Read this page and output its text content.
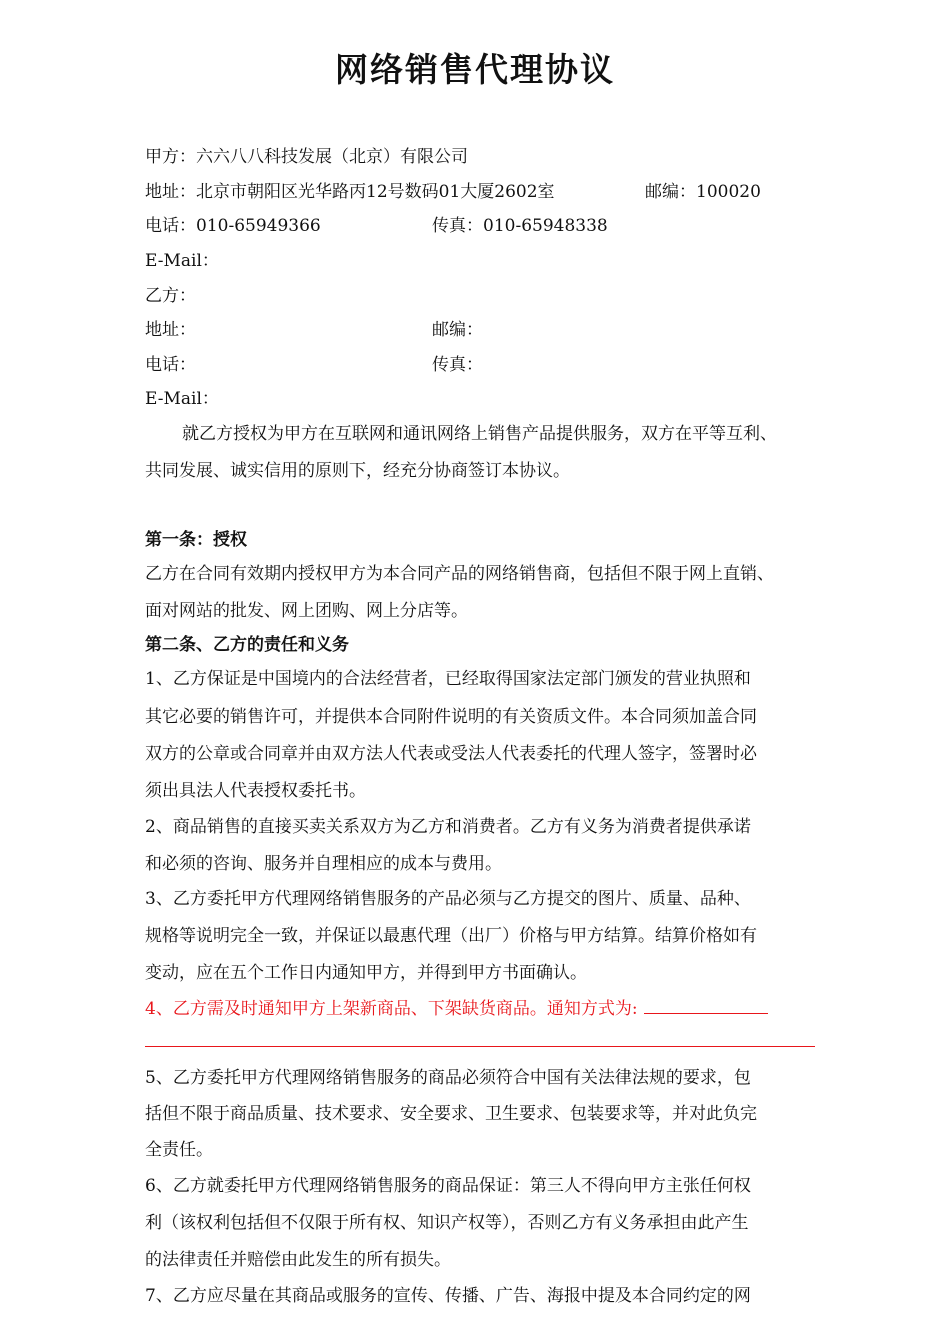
网络销售代理协议
甲方：六六八八科技发展（北京）有限公司
地址：北京市朝阳区光华路丙12号数码01大厦2602室	邮编：100020
电话：010-65949366	传真：010-65948338
E-Mail：
乙方：
地址：	邮编：
电话：	传真：
E-Mail：
就乙方授权为甲方在互联网和通讯网络上销售产品提供服务，双方在平等互利、
共同发展、诚实信用的原则下，经充分协商签订本协议。
第一条：授权
乙方在合同有效期内授权甲方为本合同产品的网络销售商，包括但不限于网上直销、
面对网站的批发、网上团购、网上分店等。
第二条、乙方的责任和义务
1、乙方保证是中国境内的合法经营者，已经取得国家法定部门颁发的营业执照和
其它必要的销售许可，并提供本合同附件说明的有关资质文件。本合同须加盖合同
双方的公章或合同章并由双方法人代表或受法人代表委托的代理人签字，签署时必
须出具法人代表授权委托书。
2、商品销售的直接买卖关系双方为乙方和消费者。乙方有义务为消费者提供承诺
和必须的咨询、服务并自理相应的成本与费用。
3、乙方委托甲方代理网络销售服务的产品必须与乙方提交的图片、质量、品种、
规格等说明完全一致，并保证以最惠代理（出厂）价格与甲方结算。结算价格如有
变动，应在五个工作日内通知甲方，并得到甲方书面确认。
4、乙方需及时通知甲方上架新商品、下架缺货商品。通知方式为:
5、乙方委托甲方代理网络销售服务的商品必须符合中国有关法律法规的要求，包
括但不限于商品质量、技术要求、安全要求、卫生要求、包装要求等，并对此负完
全责任。
6、乙方就委托甲方代理网络销售服务的商品保证：第三人不得向甲方主张任何权
利（该权利包括但不仅限于所有权、知识产权等），否则乙方有义务承担由此产生
的法律责任并赔偿由此发生的所有损失。
7、乙方应尽量在其商品或服务的宣传、传播、广告、海报中提及本合同约定的网
